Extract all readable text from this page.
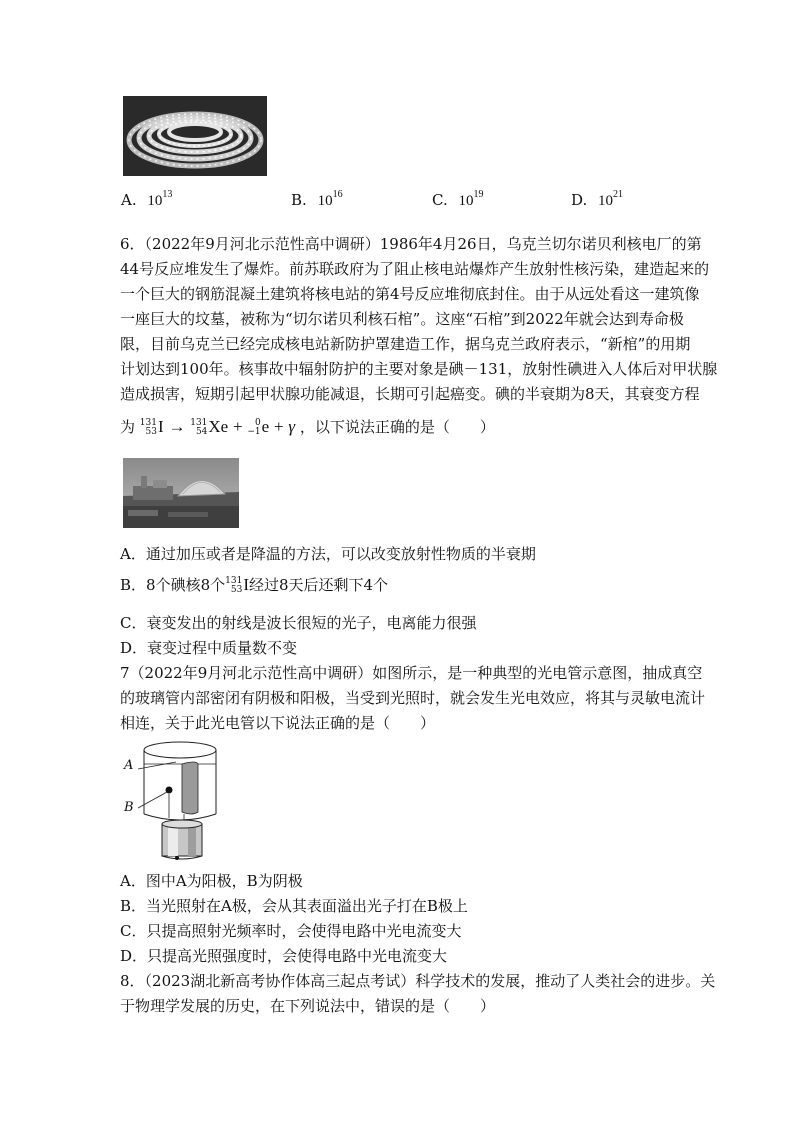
A. $10^{13}$	B. $10^{16}$	C. $10^{19}$	D. $10^{21}$
6．（2022年9月河北示范性高中调研）1986年4月26日，乌克兰切尔诺贝利核电厂的第
44号反应堆发生了爆炸。前苏联政府为了阻止核电站爆炸产生放射性核污染，建造起来的
一个巨大的钢筋混凝土建筑将核电站的第4号反应堆彻底封住。由于从远处看这一建筑像
一座巨大的坟墓，被称为“切尔诺贝利核石棺”。这座“石棺”到2022年就会达到寿命极
限，目前乌克兰已经完成核电站新防护罩建造工作，据乌克兰政府表示，“新棺”的用期
计划达到100年。核事故中辐射防护的主要对象是碘－131，放射性碘进入人体后对甲状腺
造成损害，短期引起甲状腺功能减退，长期可引起癌变。碘的半衰期为8天，其衰变方程
为 131
53 I → 131
54 Xe +	0
−1 e + γ ，以下说法正确的是（　　）
A．通过加压或者是降温的方法，可以改变放射性物质的半衰期
B．8个碘核8个 131
53 I经过8天后还剩下4个
C．衰变发出的射线是波长很短的光子，电离能力很强
D．衰变过程中质量数不变
7（2022年9月河北示范性高中调研）如图所示，是一种典型的光电管示意图，抽成真空
的玻璃管内部密闭有阴极和阳极，当受到光照时，就会发生光电效应，将其与灵敏电流计
相连，关于此光电管以下说法正确的是（　　）
A
B
A．图中A为阳极，B为阴极
B．当光照射在A极，会从其表面溢出光子打在B极上
C．只提高照射光频率时，会使得电路中光电流变大
D．只提高光照强度时，会使得电路中光电流变大
8．（2023湖北新高考协作体高三起点考试）科学技术的发展，推动了人类社会的进步。关
于物理学发展的历史，在下列说法中，错误的是（　　）
